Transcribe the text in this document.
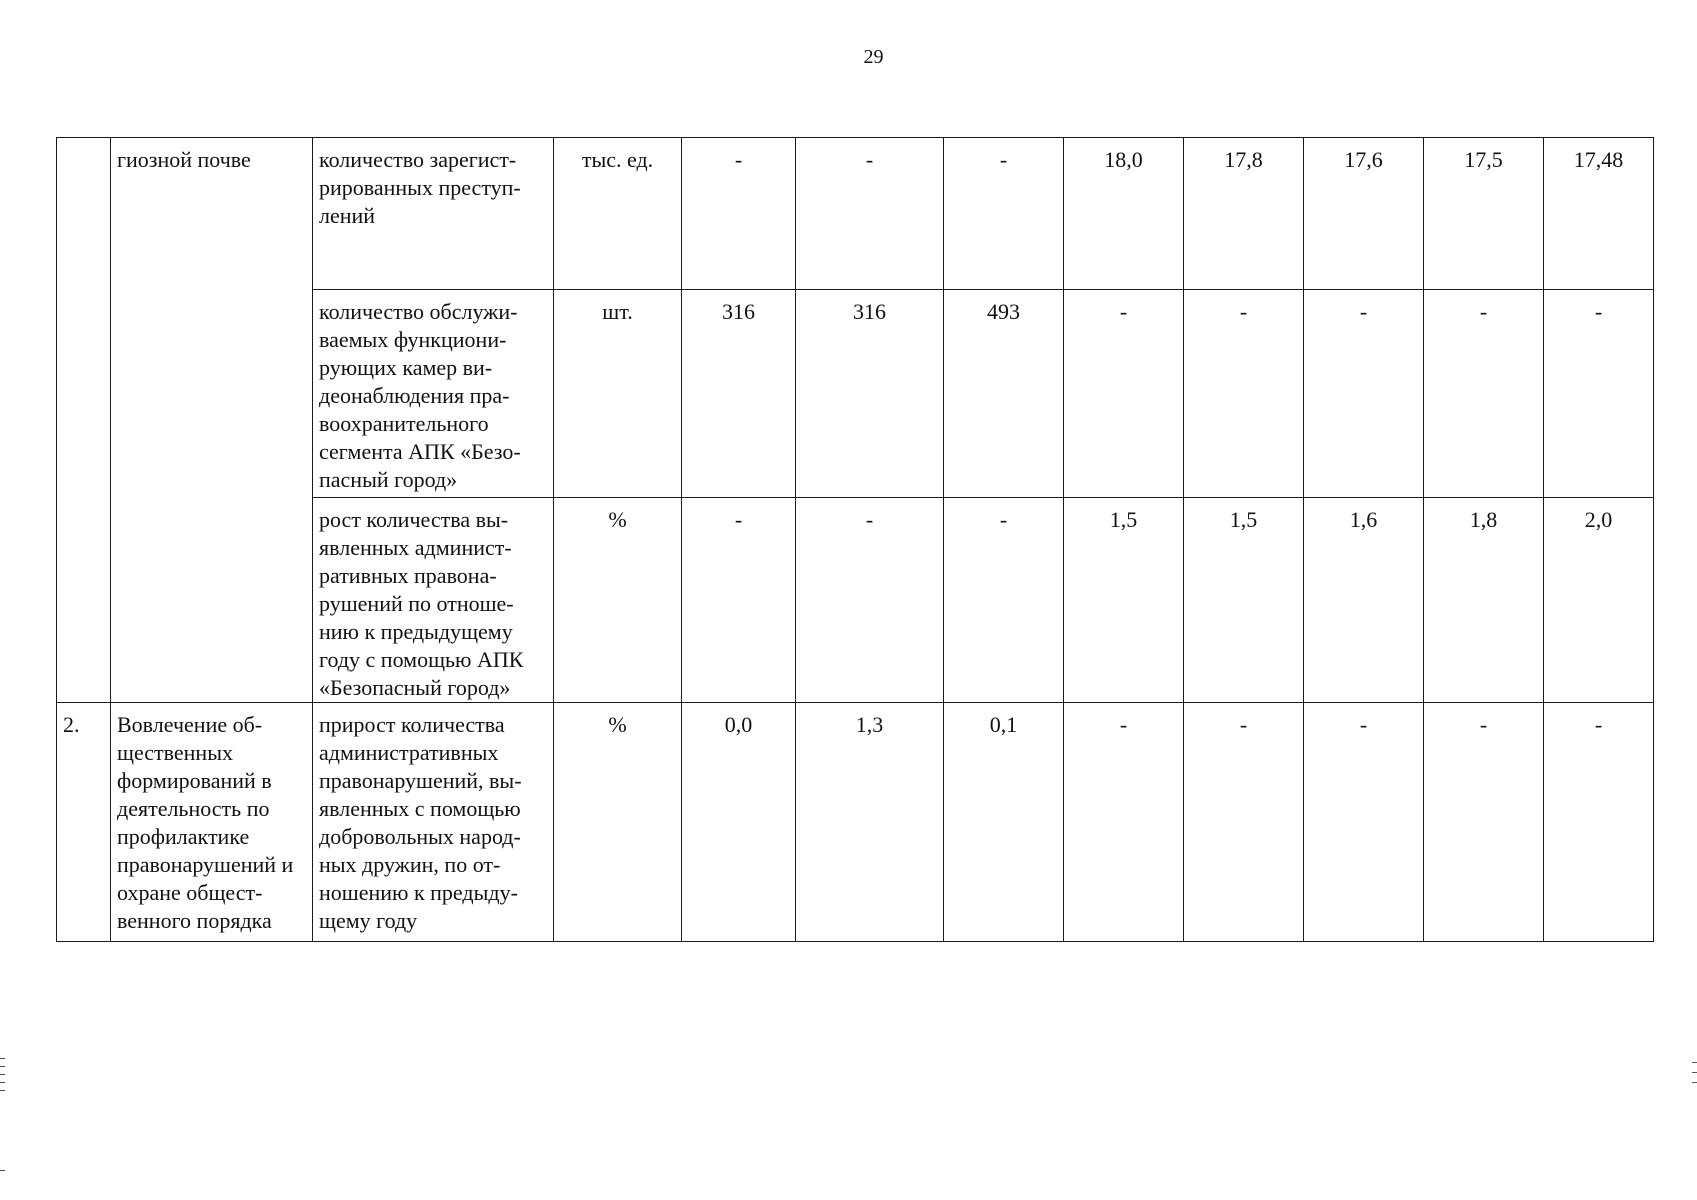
29
	гиозной почве	количество зарегист-рированных преступ-лений	тыс. ед.	-	-	-	18,0	17,8	17,6	17,5	17,48
		количество обслужи-ваемых функциони-рующих камер ви-деонаблюдения пра-воохранительного сегмента АПК «Безо-пасный город»	шт.	316	316	493	-	-	-	-	-
		рост количества вы-явленных админист-ративных правона-рушений по отноше-нию к предыдущему году с помощью АПК «Безопасный город»	%	-	-	-	1,5	1,5	1,6	1,8	2,0
2.	Вовлечение об-щественных формирований в деятельность по профилактике правонарушений и охране общест-венного порядка	прирост количества административных правонарушений, вы-явленных с помощью добровольных народ-ных дружин, по от-ношению к предыду-щему году	%	0,0	1,3	0,1	-	-	-	-	-
